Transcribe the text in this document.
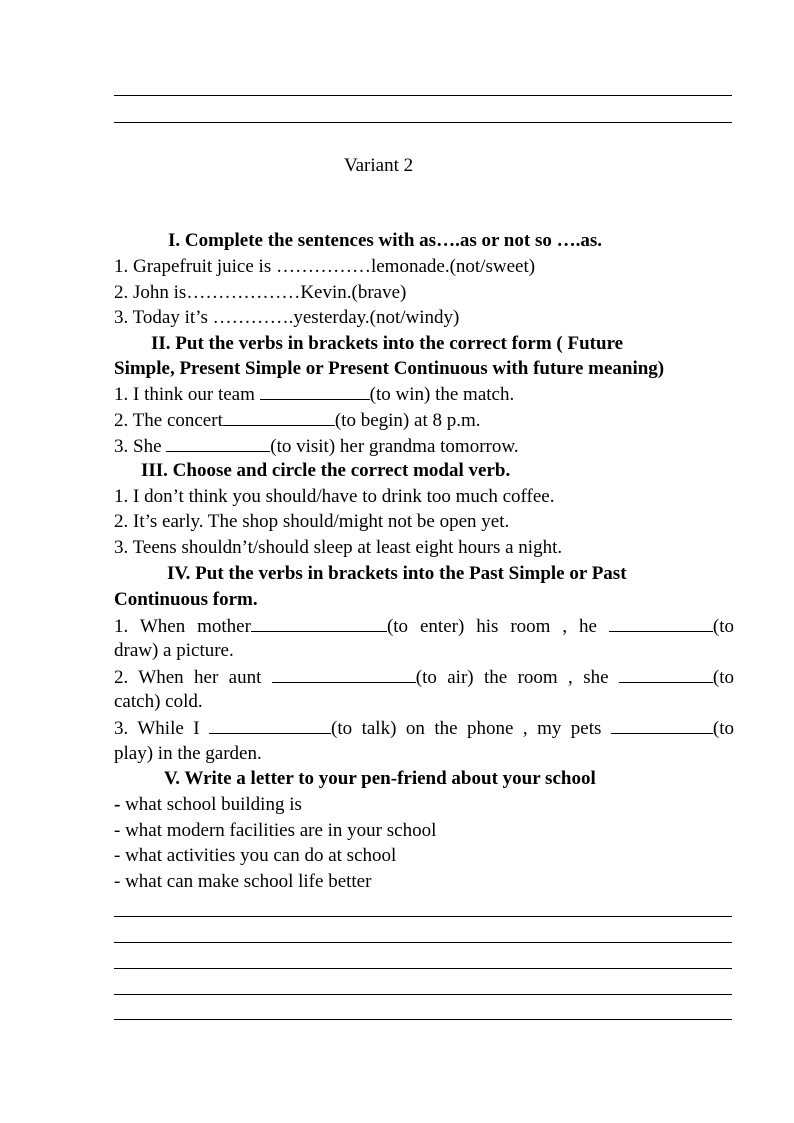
Variant 2
I. Complete the sentences with as….as or not so ….as.
1. Grapefruit juice is ……………lemonade.(not/sweet)
2. John is………………Kevin.(brave)
3. Today it’s ………….yesterday.(not/windy)
II. Put the verbs in brackets into the correct form ( Future
Simple, Present Simple or Present Continuous with future meaning)
1. I think our team	(to win) the match.
2. The concert	(to begin) at 8 p.m.
3. She	(to visit) her grandma tomorrow.
III. Choose and circle the correct modal verb.
1. I don’t think you should/have to drink too much coffee.
2. It’s early. The shop should/might not be open yet.
3. Teens shouldn’t/should sleep at least eight hours a night.
IV. Put the verbs in brackets into the Past Simple or Past
Continuous form.
1. When mother	(to enter) his room , he	(to
draw) a picture.
2. When her aunt	(to air) the room , she	(to
catch) cold.
3. While I	(to talk) on the phone , my pets	(to
play) in the garden.
V. Write a letter to your pen-friend about your school
- what school building is
- what modern facilities are in your school
- what activities you can do at school
- what can make school life better
